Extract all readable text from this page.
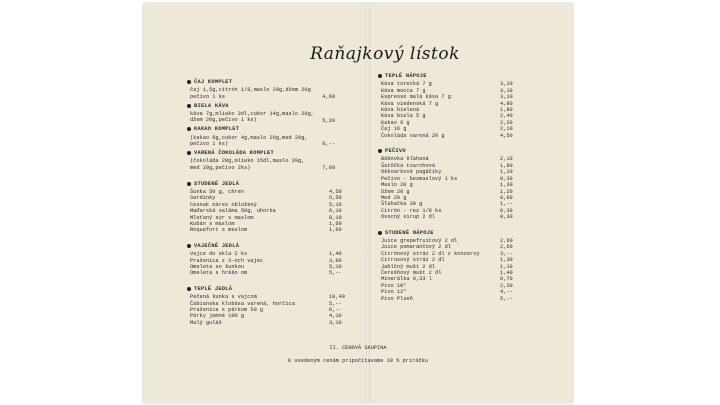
Raňajkový lístok
ČAJ KOMPLET
čaj 1,5g,citrón 1/8,maslo 20g,džem 20g
pečivo 1 ks	4,60
BIELA KÁVA
káva 7g,mlieko 3dl,cukor 14g,maslo 20g,
džem 20g,pečivo 1 ks)	5,20
KAKAO KOMPLET
(kakao 6g,cukor 4g,maslo 20g,med 20g,
pečivo 1 ks)	6,--
VARENÁ ČOKOLÁDA KOMPLET
(čokoláda 20g,mlieko 15dl,maslo 20g,
med 20g,pečivo 2ks)	7,60
STUDENÉ JEDLÁ
Šunka 50 g, chren	4,50
Sardinky	5,50
Cesnak nárez obložený	5,10
Maďarská saláma 50g, uhorka	6,10
Mleťaný syr s maslom	8,10
Kubán s maslom	1,60
Roquefort s maslom	1,60
VAJEČNÉ JEDLÁ
Vajce do skla 2 ks	1,40
Praženica z 3-och vajec	3,90
Omeleta so šunkou	5,10
Omeleta s hrášo om	5,--
TEPLÉ JEDLÁ
Pečená šunka s vajcom	10,40
Čabianska klobása varená, horčica	5,--
Praženica s párkom 50 g	6,--
Párky jemné 100 g	4,10
Malý guláš	3,10
TEPLÉ NÁPOJE
Káva turecká 7 g	3,10
Káva mocca 7 g	3,10
Espresso malá káva 7 g	3,10
Káva viedenská 7 g	4,80
Káva bielená	1,80
Káva biela 5 g	2,40
Kakao 6 g	2,20
Čaj 16 g	2,10
Čokoláda varená 20 g	4,50
PEČIVO
Bábovka šľahaná	2,10
Šatôčka tvarohová	1,80
Oškvarkové pagáčiky	1,10
Pečivo - bezmaslový 1 ks	0,30
Maslo 20 g	1,30
Džem 20 g	1,20
Med 20 g	0,60
Šľahačka 30 g	1,--
Citrón - rez 1/8 ks	0,30
Ovocný sirup 2 dl	0,30
STUDENÉ NÁPOJE
Juice grepefruitový 2 dl	2,60
Juice pomarančový 2 dl	2,60
Citrónový stráz 2 dl z konzervy	3,--
Citrusový stráz 2 dl	1,30
Jablčný mušt 2 dl	1,10
Čerešňový mušt 2 dl	1,40
Minerálka 0,33 l	0,70
Pivo 10°	2,30
Pivo 12°	4,--
Pivo Plzeň	5,--
II. CENOVÁ SKUPINA
K uvedeným cenám pripočítavame 10 % prirážku
